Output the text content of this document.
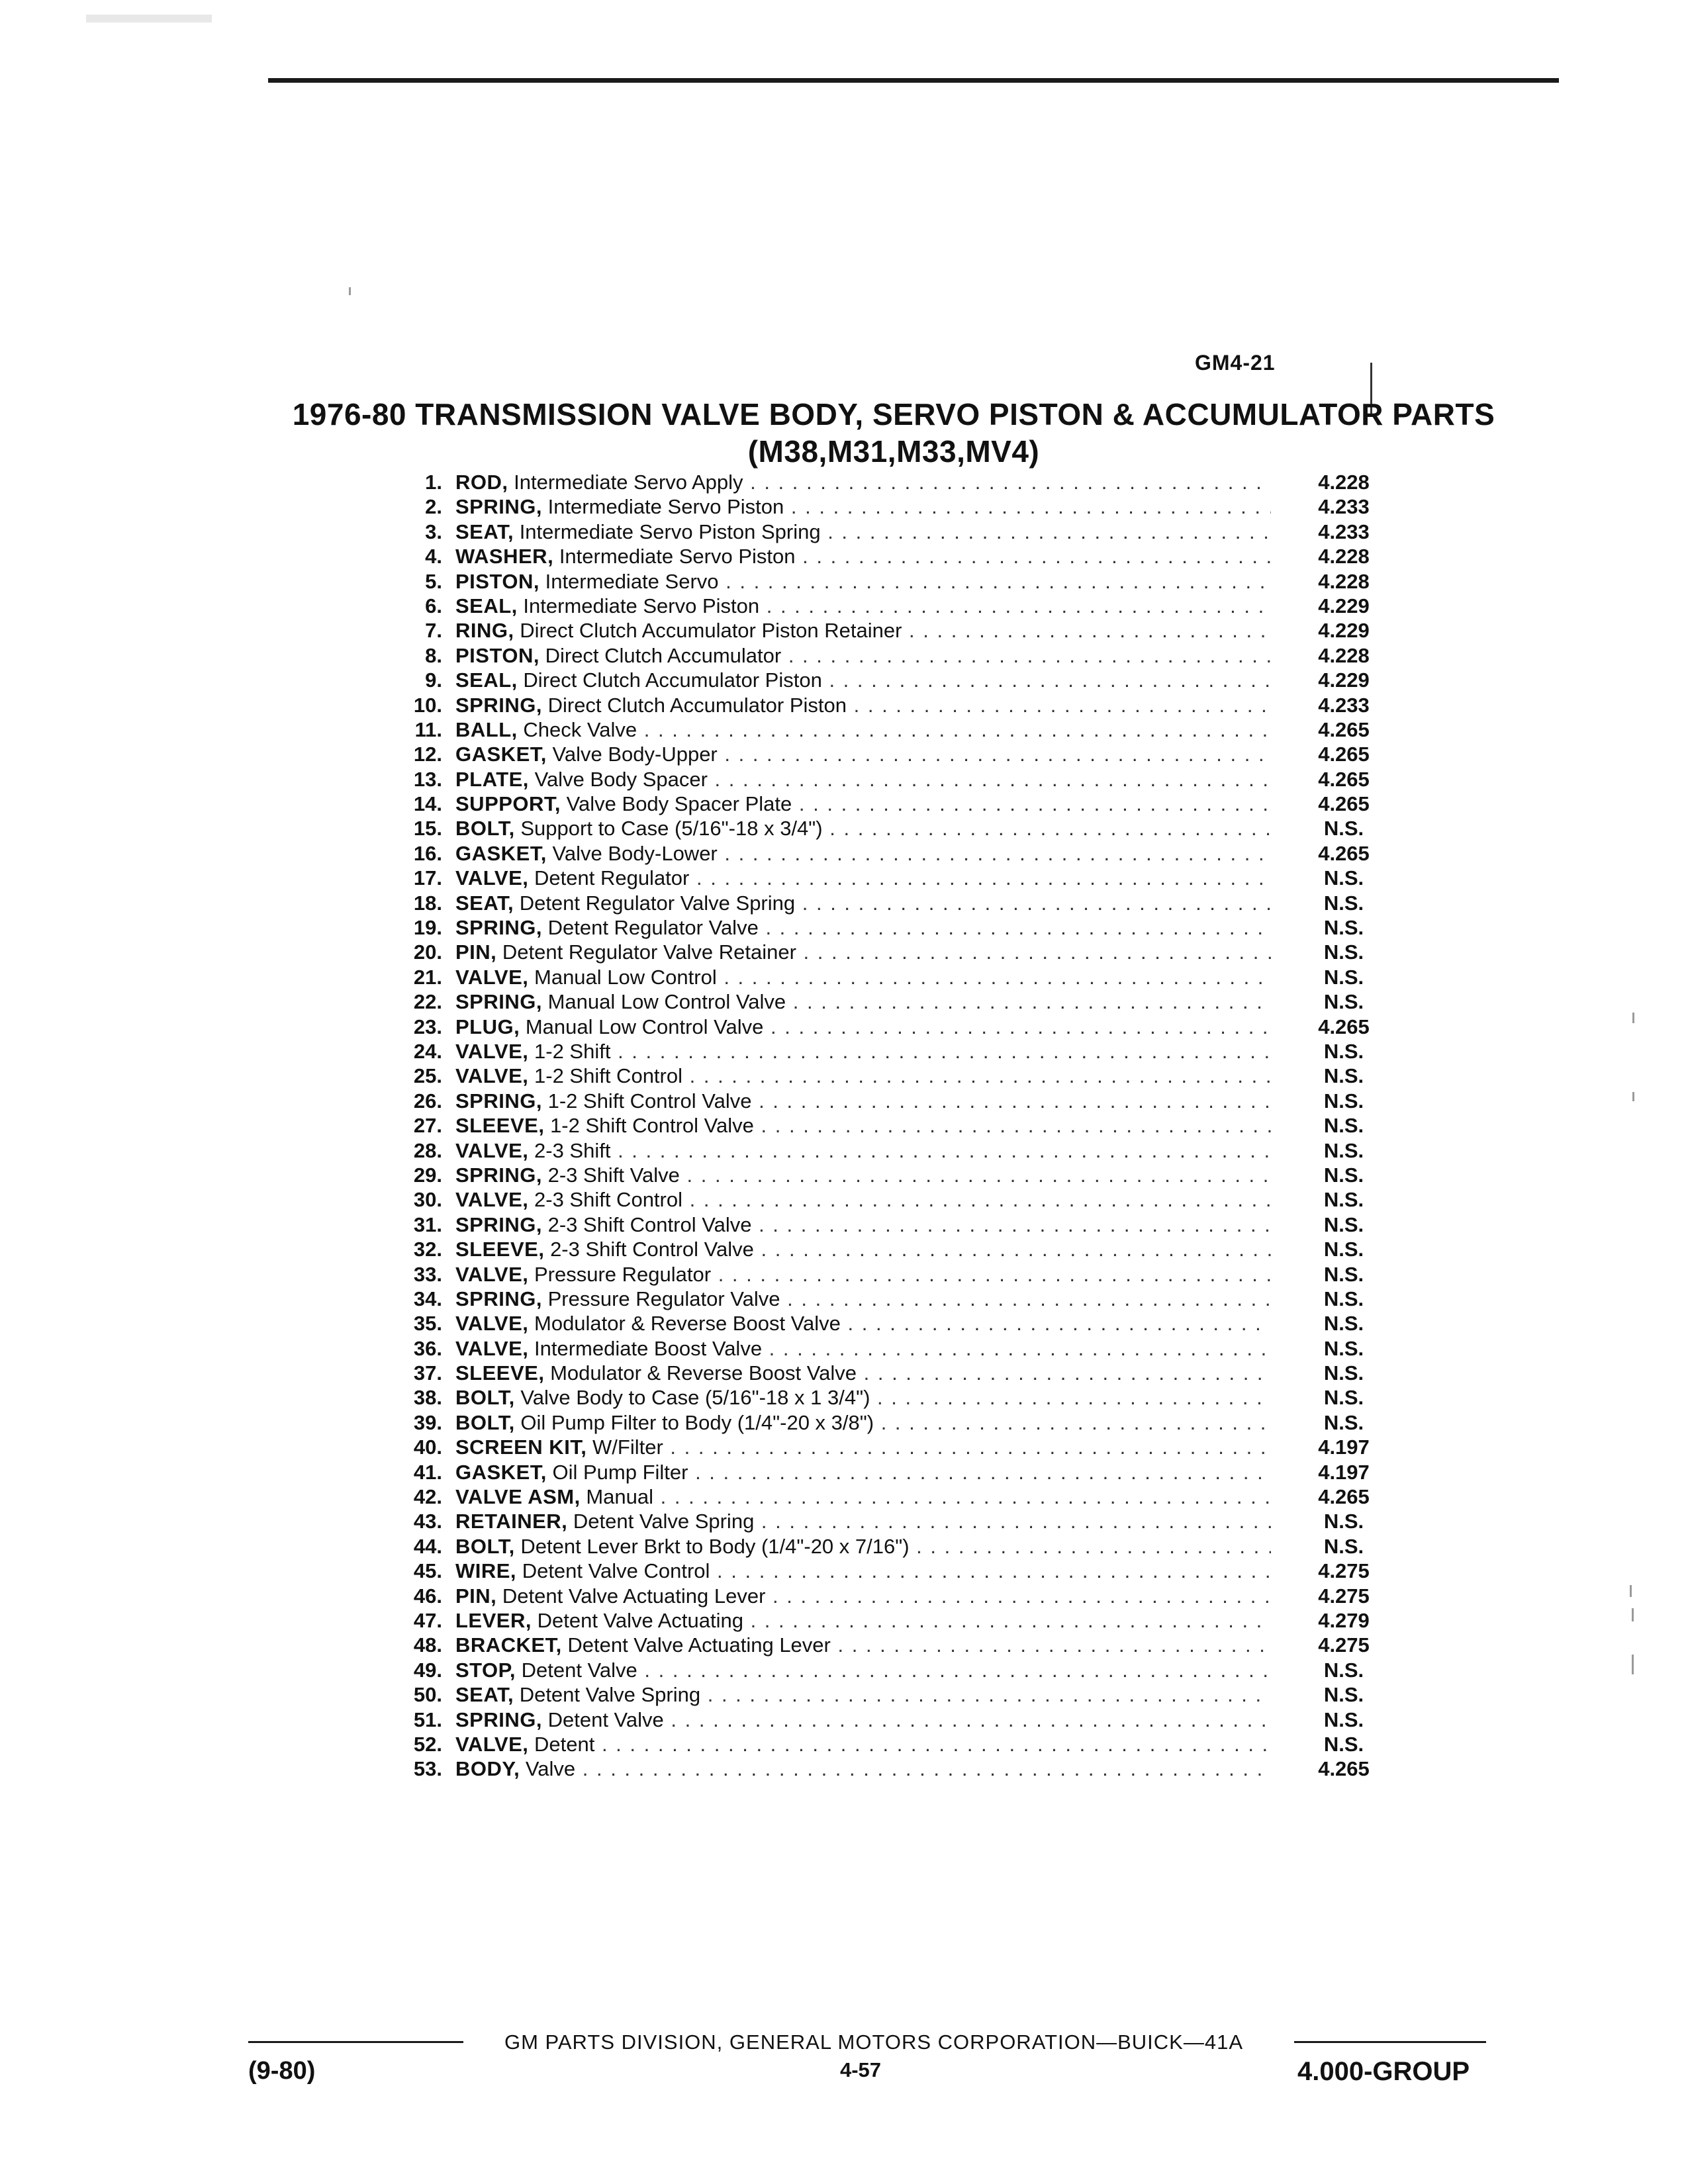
GM4-21
1976-80 TRANSMISSION VALVE BODY, SERVO PISTON & ACCUMULATOR PARTS
(M38,M31,M33,MV4)
1. ROD, Intermediate Servo Apply . . .	4.228
2. SPRING, Intermediate Servo Piston . . .	4.233
3. SEAT, Intermediate Servo Piston Spring . . .	4.233
4. WASHER, Intermediate Servo Piston . . .	4.228
5. PISTON, Intermediate Servo . . .	4.228
6. SEAL, Intermediate Servo Piston . . .	4.229
7. RING, Direct Clutch Accumulator Piston Retainer . . .	4.229
8. PISTON, Direct Clutch Accumulator . . .	4.228
9. SEAL, Direct Clutch Accumulator Piston . . .	4.229
10. SPRING, Direct Clutch Accumulator Piston . . .	4.233
11. BALL, Check Valve . . .	4.265
12. GASKET, Valve Body-Upper . . .	4.265
13. PLATE, Valve Body Spacer . . .	4.265
14. SUPPORT, Valve Body Spacer Plate . . .	4.265
15. BOLT, Support to Case (5/16"-18 x 3/4") . . .	N.S.
16. GASKET, Valve Body-Lower . . .	4.265
17. VALVE, Detent Regulator . . .	N.S.
18. SEAT, Detent Regulator Valve Spring . . .	N.S.
19. SPRING, Detent Regulator Valve . . .	N.S.
20. PIN, Detent Regulator Valve Retainer . . .	N.S.
21. VALVE, Manual Low Control . . .	N.S.
22. SPRING, Manual Low Control Valve . . .	N.S.
23. PLUG, Manual Low Control Valve . . .	4.265
24. VALVE, 1-2 Shift . . .	N.S.
25. VALVE, 1-2 Shift Control . . .	N.S.
26. SPRING, 1-2 Shift Control Valve . . .	N.S.
27. SLEEVE, 1-2 Shift Control Valve . . .	N.S.
28. VALVE, 2-3 Shift . . .	N.S.
29. SPRING, 2-3 Shift Valve . . .	N.S.
30. VALVE, 2-3 Shift Control . . .	N.S.
31. SPRING, 2-3 Shift Control Valve . . .	N.S.
32. SLEEVE, 2-3 Shift Control Valve . . .	N.S.
33. VALVE, Pressure Regulator . . .	N.S.
34. SPRING, Pressure Regulator Valve . . .	N.S.
35. VALVE, Modulator & Reverse Boost Valve . . .	N.S.
36. VALVE, Intermediate Boost Valve . . .	N.S.
37. SLEEVE, Modulator & Reverse Boost Valve . . .	N.S.
38. BOLT, Valve Body to Case (5/16"-18 x 1 3/4") . . .	N.S.
39. BOLT, Oil Pump Filter to Body (1/4"-20 x 3/8") . . .	N.S.
40. SCREEN KIT, W/Filter . . .	4.197
41. GASKET, Oil Pump Filter . . .	4.197
42. VALVE ASM, Manual . . .	4.265
43. RETAINER, Detent Valve Spring . . .	N.S.
44. BOLT, Detent Lever Brkt to Body (1/4"-20 x 7/16") . . .	N.S.
45. WIRE, Detent Valve Control . . .	4.275
46. PIN, Detent Valve Actuating Lever . . .	4.275
47. LEVER, Detent Valve Actuating . . .	4.279
48. BRACKET, Detent Valve Actuating Lever . . .	4.275
49. STOP, Detent Valve . . .	N.S.
50. SEAT, Detent Valve Spring . . .	N.S.
51. SPRING, Detent Valve . . .	N.S.
52. VALVE, Detent . . .	N.S.
53. BODY, Valve . . .	4.265
GM PARTS DIVISION, GENERAL MOTORS CORPORATION—BUICK—41A
(9-80)	4-57	4.000-GROUP
